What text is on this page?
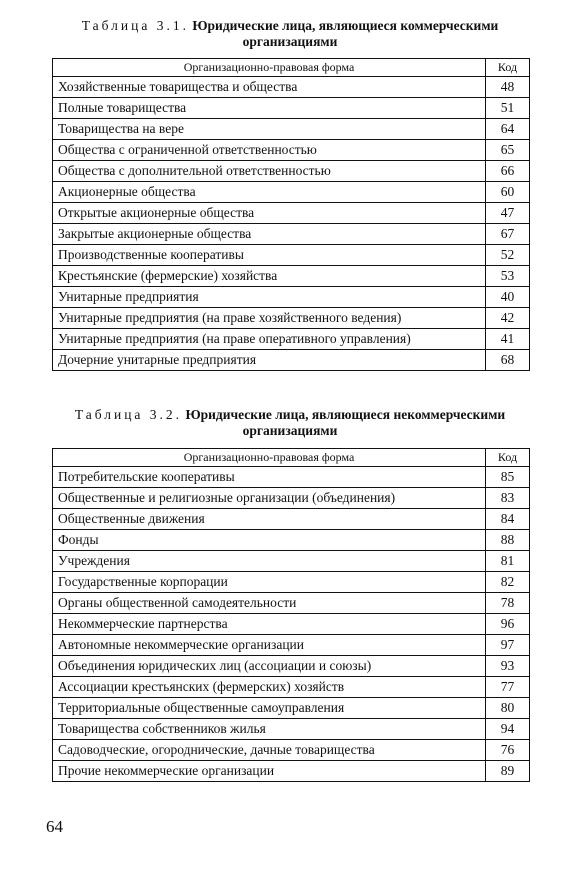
Таблица 3.1. Юридические лица, являющиеся коммерческими организациями
Организационно-правовая форма	Код
Хозяйственные товарищества и общества	48
Полные товарищества	51
Товарищества на вере	64
Общества с ограниченной ответственностью	65
Общества с дополнительной ответственностью	66
Акционерные общества	60
Открытые акционерные общества	47
Закрытые акционерные общества	67
Производственные кооперативы	52
Крестьянские (фермерские) хозяйства	53
Унитарные предприятия	40
Унитарные предприятия (на праве хозяйственного ведения)	42
Унитарные предприятия (на праве оперативного управления)	41
Дочерние унитарные предприятия	68
Таблица 3.2. Юридические лица, являющиеся некоммерческими организациями
Организационно-правовая форма	Код
Потребительские кооперативы	85
Общественные и религиозные организации (объединения)	83
Общественные движения	84
Фонды	88
Учреждения	81
Государственные корпорации	82
Органы общественной самодеятельности	78
Некоммерческие партнерства	96
Автономные некоммерческие организации	97
Объединения юридических лиц (ассоциации и союзы)	93
Ассоциации крестьянских (фермерских) хозяйств	77
Территориальные общественные самоуправления	80
Товарищества собственников жилья	94
Садоводческие, огороднические, дачные товарищества	76
Прочие некоммерческие организации	89
64
